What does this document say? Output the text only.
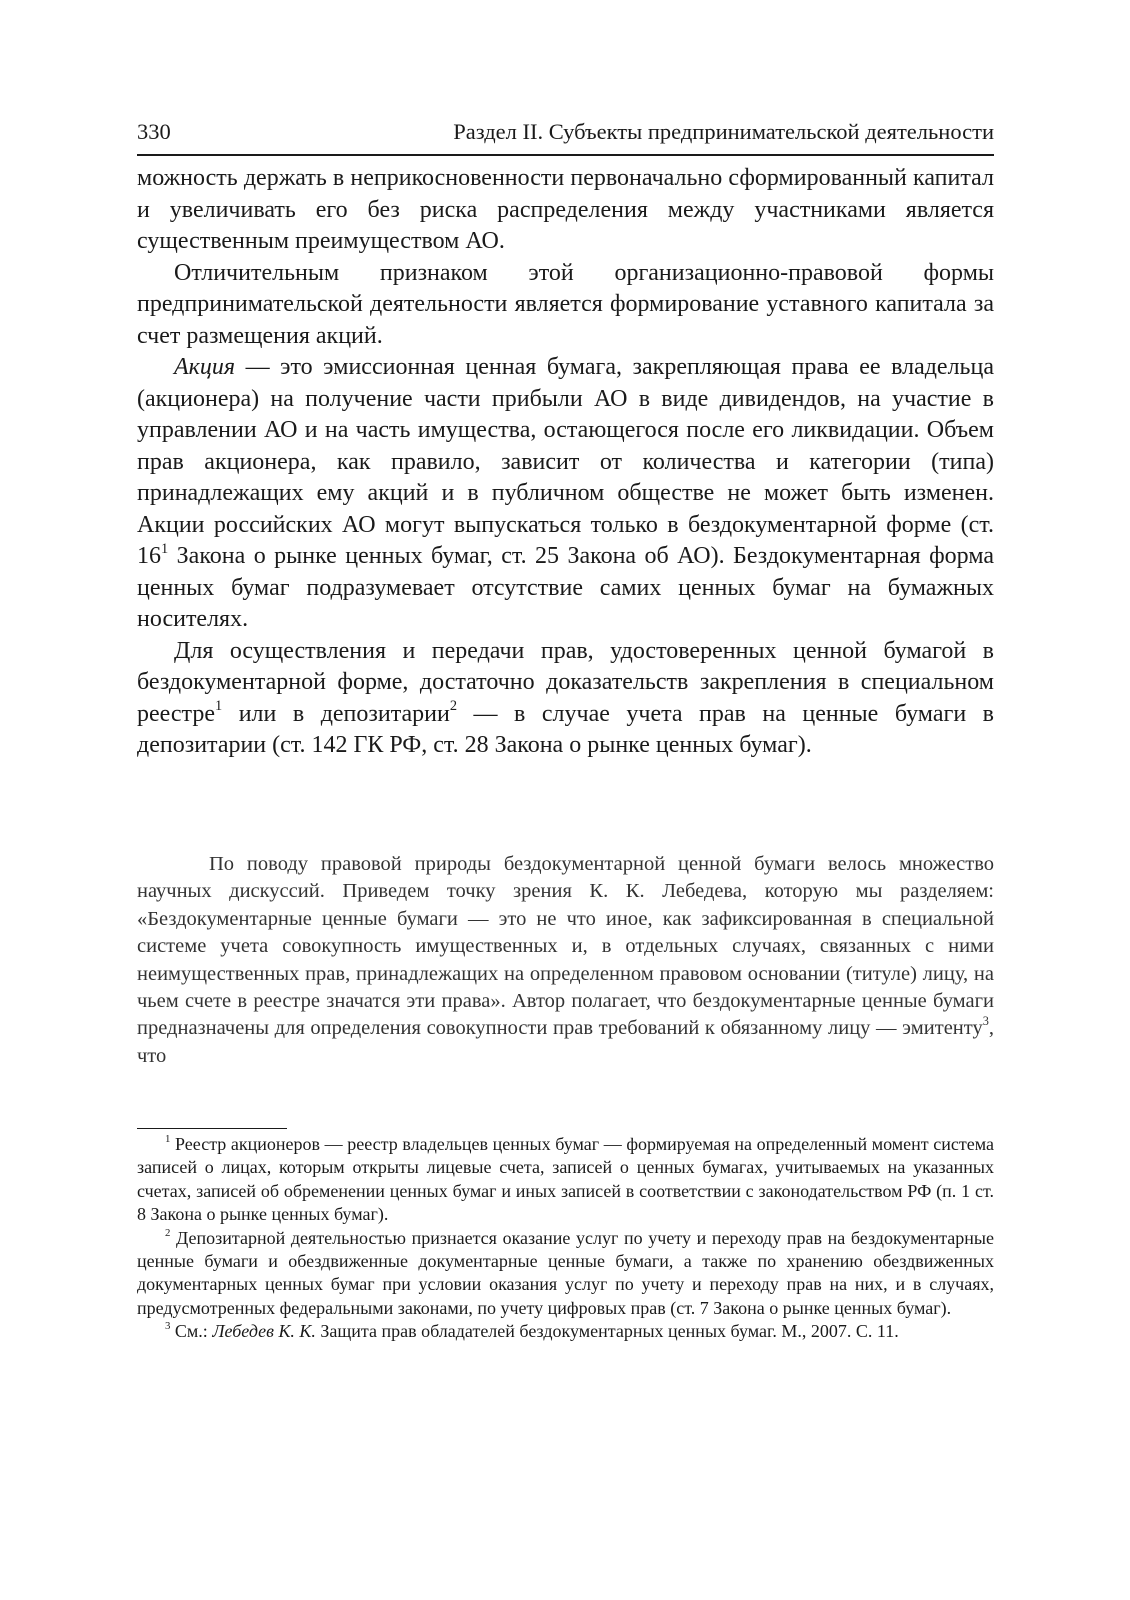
330	Раздел II. Субъекты предпринимательской деятельности

можность держать в неприкосновенности первоначально сформированный капитал и увеличивать его без риска распределения между участниками является существенным преимуществом АО.

Отличительным признаком этой организационно-правовой формы предпринимательской деятельности является формирование уставного капитала за счет размещения акций.

Акция — это эмиссионная ценная бумага, закрепляющая права ее владельца (акционера) на получение части прибыли АО в виде дивидендов, на участие в управлении АО и на часть имущества, остающегося после его ликвидации. Объем прав акционера, как правило, зависит от количества и категории (типа) принадлежащих ему акций и в публичном обществе не может быть изменен. Акции российских АО могут выпускаться только в бездокументарной форме (ст. $16^1$ Закона о рынке ценных бумаг, ст. 25 Закона об АО). Бездокументарная форма ценных бумаг подразумевает отсутствие самих ценных бумаг на бумажных носителях.

Для осуществления и передачи прав, удостоверенных ценной бумагой в бездокументарной форме, достаточно доказательств закрепления в специальном реестре$^1$ или в депозитарии$^2$ — в случае учета прав на ценные бумаги в депозитарии (ст. 142 ГК РФ, ст. 28 Закона о рынке ценных бумаг).

По поводу правовой природы бездокументарной ценной бумаги велось множество научных дискуссий. Приведем точку зрения К. К. Лебедева, которую мы разделяем: «Бездокументарные ценные бумаги — это не что иное, как зафиксированная в специальной системе учета совокупность имущественных и, в отдельных случаях, связанных с ними неимущественных прав, принадлежащих на определенном правовом основании (титуле) лицу, на чьем счете в реестре значатся эти права». Автор полагает, что бездокументарные ценные бумаги предназначены для определения совокупности прав требований к обязанному лицу — эмитенту$^3$, что

$^1$ Реестр акционеров — реестр владельцев ценных бумаг — формируемая на определенный момент система записей о лицах, которым открыты лицевые счета, записей о ценных бумагах, учитываемых на указанных счетах, записей об обременении ценных бумаг и иных записей в соответствии с законодательством РФ (п. 1 ст. 8 Закона о рынке ценных бумаг).

$^2$ Депозитарной деятельностью признается оказание услуг по учету и переходу прав на бездокументарные ценные бумаги и обездвиженные документарные ценные бумаги, а также по хранению обездвиженных документарных ценных бумаг при условии оказания услуг по учету и переходу прав на них, и в случаях, предусмотренных федеральными законами, по учету цифровых прав (ст. 7 Закона о рынке ценных бумаг).

$^3$ См.: Лебедев К. К. Защита прав обладателей бездокументарных ценных бумаг. М., 2007. С. 11.
